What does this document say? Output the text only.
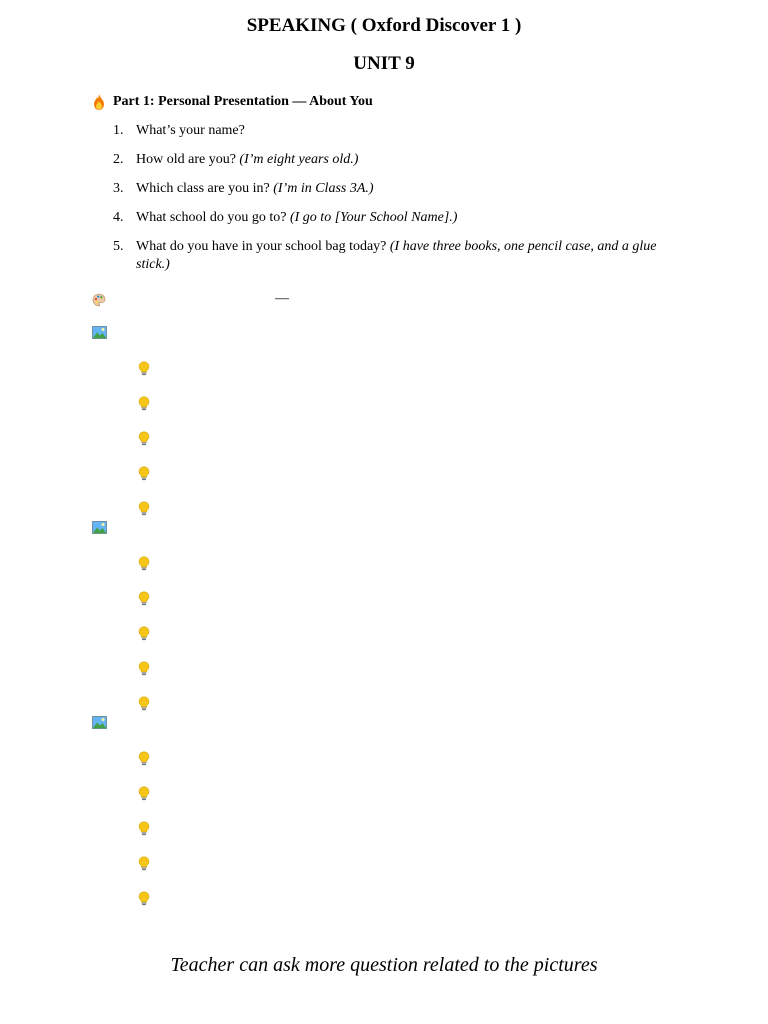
SPEAKING ( Oxford Discover 1 )
UNIT 9
Part 1: Personal Presentation — About You
1. What’s your name?
2. How old are you? (I’m eight years old.)
3. Which class are you in? (I’m in Class 3A.)
4. What school do you go to? (I go to [Your School Name].)
5. What do you have in your school bag today? (I have three books, one pencil case, and a glue stick.)
—
Teacher can ask more question related to the pictures
